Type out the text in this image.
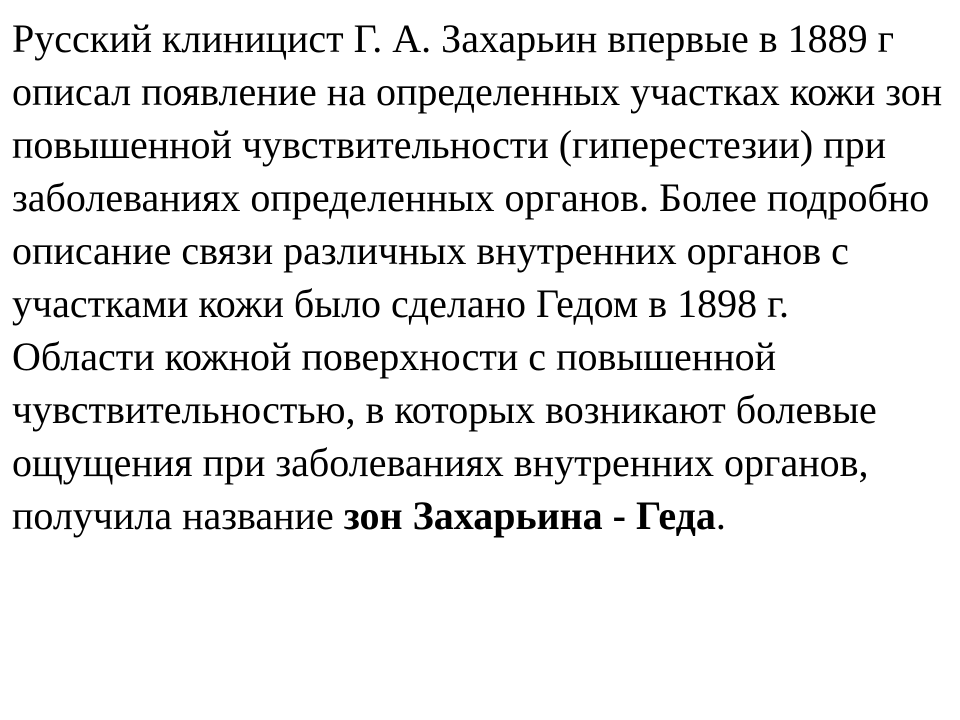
Русский клиницист Г. А. Захарьин впервые в 1889 г описал появление на определенных участках кожи зон повышенной чувствительности (гиперестезии) при заболеваниях определенных органов. Более подробно описание связи различных внутренних органов с участками кожи было сделано Гедом в 1898 г.

Области кожной поверхности с повышенной чувствительностью, в которых возникают болевые ощущения при заболеваниях внутренних органов, получила название зон Захарьина - Геда.
